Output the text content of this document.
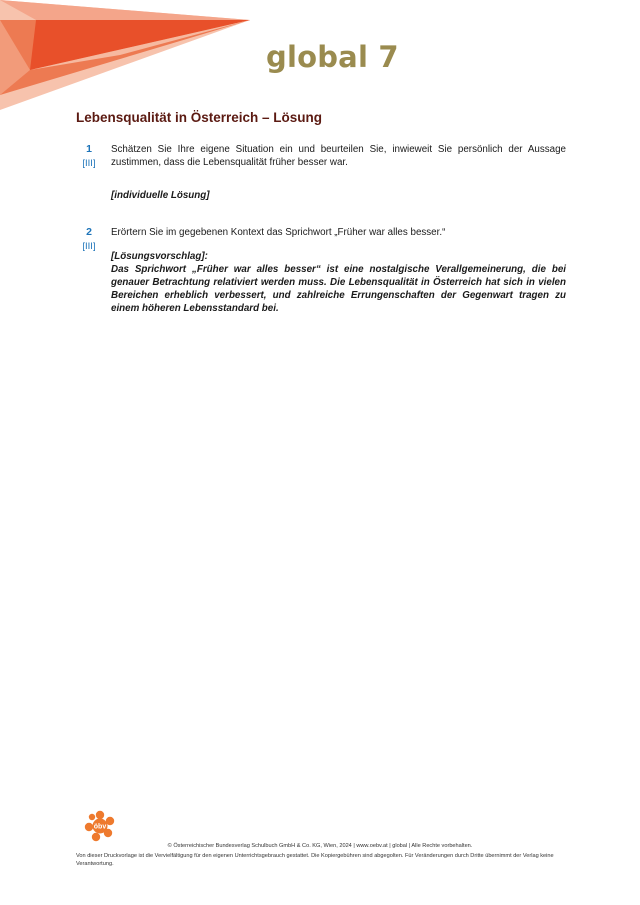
global 7
Lebensqualität in Österreich – Lösung
1
[III]

Schätzen Sie Ihre eigene Situation ein und beurteilen Sie, inwieweit Sie persönlich der Aussage zustimmen, dass die Lebensqualität früher besser war.

[individuelle Lösung]

2
[III]

Erörtern Sie im gegebenen Kontext das Sprichwort „Früher war alles besser.“

[Lösungsvorschlag]:

Das Sprichwort „Früher war alles besser“ ist eine nostalgische Verallgemeinerung, die bei genauer Betrachtung relativiert werden muss. Die Lebensqualität in Österreich hat sich in vielen Bereichen erheblich verbessert, und zahlreiche Errungenschaften der Gegenwart tragen zu einem höheren Lebensstandard bei.

öbv
© Österreichischer Bundesverlag Schulbuch GmbH & Co. KG, Wien, 2024 | www.oebv.at | global | Alle Rechte vorbehalten.
Von dieser Druckvorlage ist die Vervielfältigung für den eigenen Unterrichtsgebrauch gestattet. Die Kopiergebühren sind abgegolten. Für Veränderungen durch Dritte übernimmt der Verlag keine Verantwortung.
